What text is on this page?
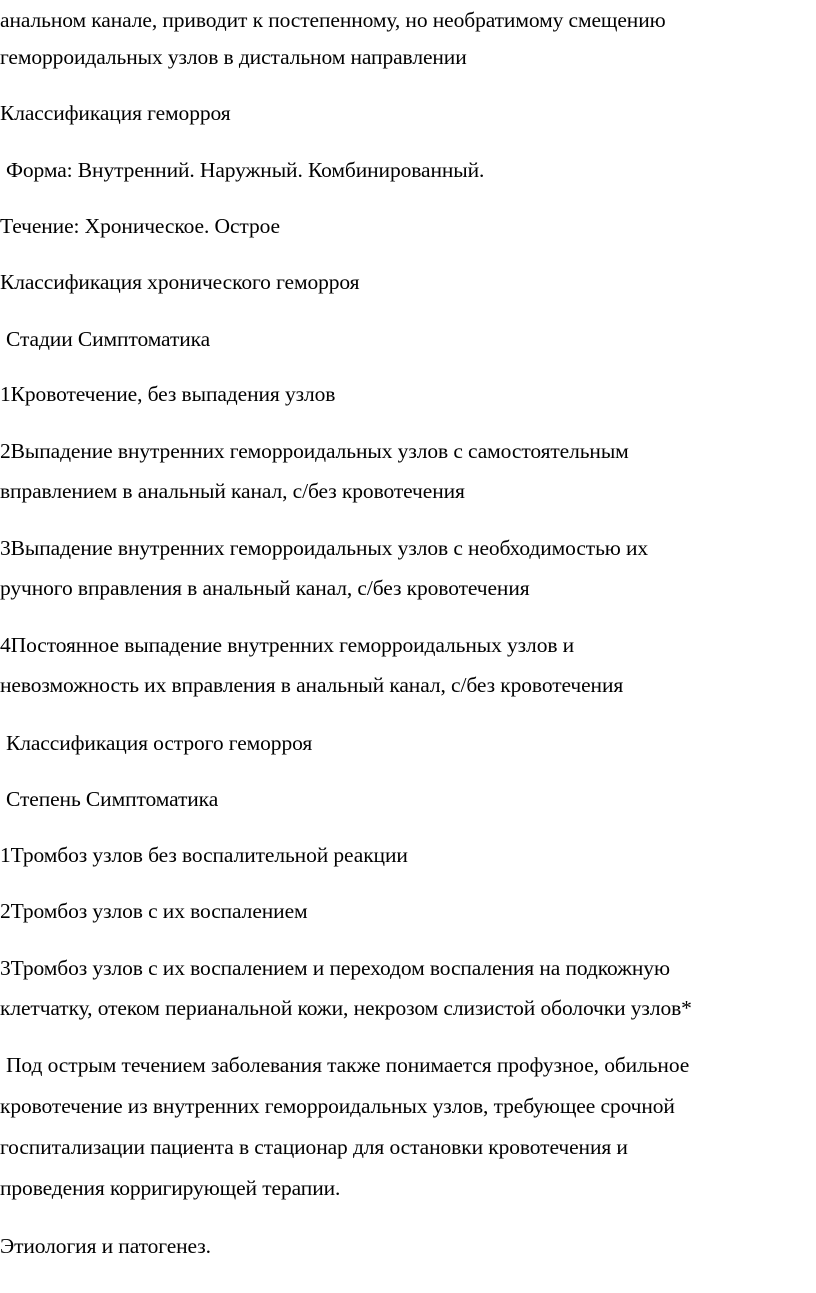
анальном канале, приводит к постепенному, но необратимому смещению
геморроидальных узлов в дистальном направлении
Классификация геморроя
Форма: Внутренний. Наружный. Комбинированный.
Течение: Хроническое. Острое
Классификация хронического геморроя
Стадии Симптоматика
1Кровотечение, без выпадения узлов
2Выпадение внутренних геморроидальных узлов с самостоятельным
вправлением в анальный канал, с/без кровотечения
3Выпадение внутренних геморроидальных узлов с необходимостью их
ручного вправления в анальный канал, с/без кровотечения
4Постоянное выпадение внутренних геморроидальных узлов и
невозможность их вправления в анальный канал, с/без кровотечения
Классификация острого геморроя
Степень Симптоматика
1Тромбоз узлов без воспалительной реакции
2Тромбоз узлов с их воспалением
3Тромбоз узлов с их воспалением и переходом воспаления на подкожную
клетчатку, отеком перианальной кожи, некрозом слизистой оболочки узлов*
Под острым течением заболевания также понимается профузное, обильное
кровотечение из внутренних геморроидальных узлов, требующее срочной
госпитализации пациента в стационар для остановки кровотечения и
проведения корригирующей терапии.
Этиология и патогенез.
